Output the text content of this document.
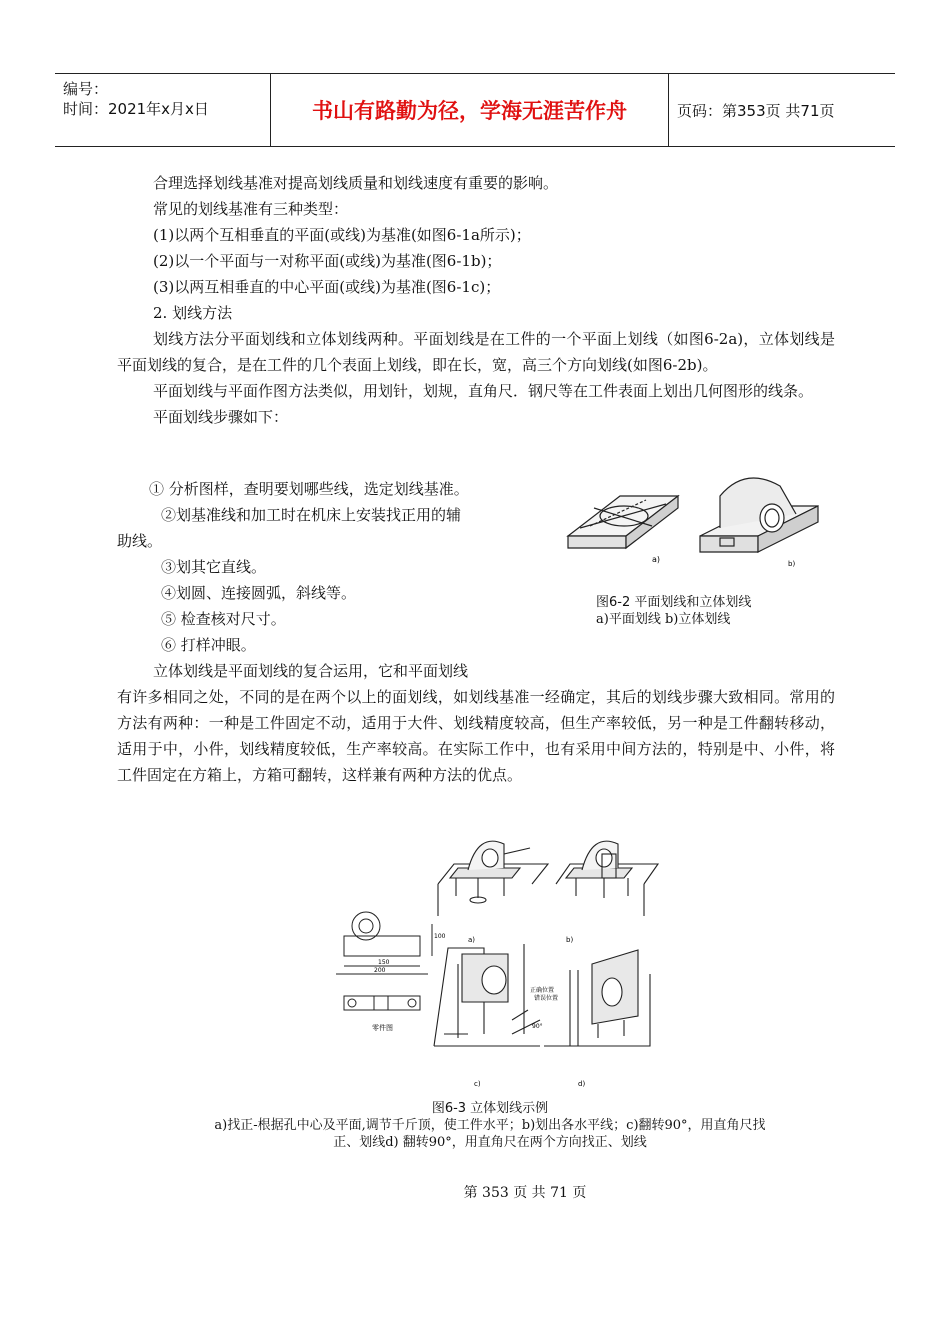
编号：
时间：2021年x月x日	书山有路勤为径，学海无涯苦作舟	页码：第353页 共71页

合理选择划线基准对提高划线质量和划线速度有重要的影响。

常见的划线基准有三种类型：

(1)以两个互相垂直的平面(或线)为基准(如图6-1a所示)；

(2)以一个平面与一对称平面(或线)为基准(图6-1b)；

(3)以两互相垂直的中心平面(或线)为基准(图6-1c)；

2. 划线方法

划线方法分平面划线和立体划线两种。平面划线是在工件的一个平面上划线（如图6-2a)，立体划线是平面划线的复合，是在工件的几个表面上划线，即在长，宽，高三个方向划线(如图6-2b)。

平面划线与平面作图方法类似，用划针，划规，直角尺．钢尺等在工件表面上划出几何图形的线条。

平面划线步骤如下：

① 分析图样，查明要划哪些线，选定划线基准。

②划基准线和加工时在机床上安装找正用的辅

助线。

③划其它直线。

④划圆、连接圆弧，斜线等。

⑤ 检查核对尺寸。

⑥ 打样冲眼。

立体划线是平面划线的复合运用，它和平面划线

有许多相同之处，不同的是在两个以上的面划线，如划线基准一经确定，其后的划线步骤大致相同。常用的方法有两种：一种是工件固定不动，适用于大件、划线精度较高，但生产率较低，另一种是工件翻转移动，适用于中，小件，划线精度较低，生产率较高。在实际工作中，也有采用中间方法的，特别是中、小件，将工件固定在方箱上，方箱可翻转，这样兼有两种方法的优点。

a)	b)
图6-2 平面划线和立体划线
a)平面划线 b)立体划线
a)	b)
150
200
100
零件图
正确位置
错误位置
90°
c)	d)
图6-3 立体划线示例
a)找正-根据孔中心及平面,调节千斤顶，使工件水平；b)划出各水平线；c)翻转90°，用直角尺找
正、划线d) 翻转90°，用直角尺在两个方向找正、划线
第 353 页 共 71 页
